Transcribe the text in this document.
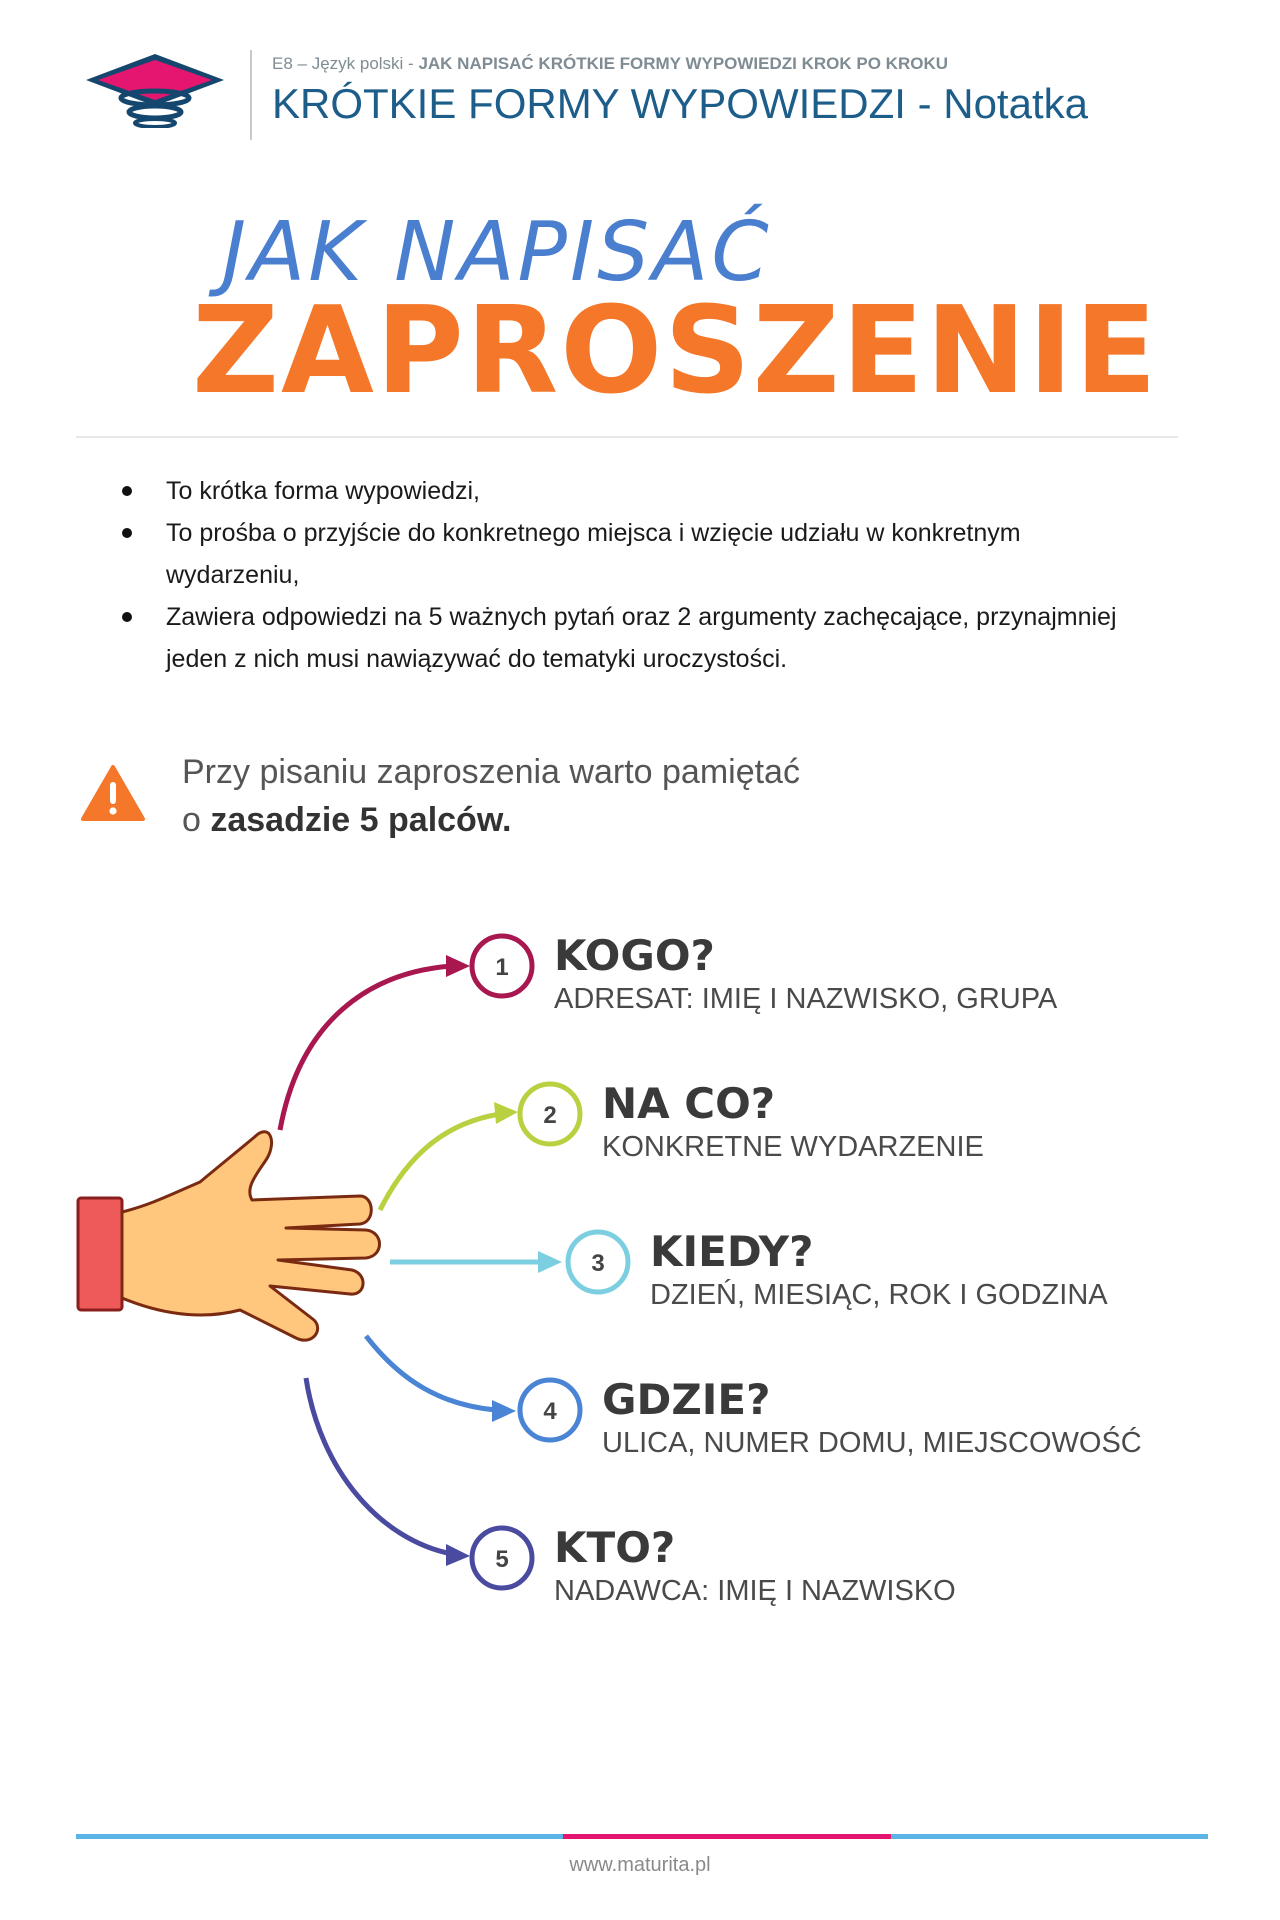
E8 – Język polski - JAK NAPISAĆ KRÓTKIE FORMY WYPOWIEDZI KROK PO KROKU
KRÓTKIE FORMY WYPOWIEDZI - Notatka
JAK NAPISAĆ
ZAPROSZENIE
To krótka forma wypowiedzi,
To prośba o przyjście do konkretnego miejsca i wzięcie udziału w konkretnym wydarzeniu,
Zawiera odpowiedzi na 5 ważnych pytań oraz 2 argumenty zachęcające, przynajmniej jeden z nich musi nawiązywać do tematyki uroczystości.
Przy pisaniu zaproszenia warto pamiętać
o zasadzie 5 palców.
1
2
3
4
5
KOGO?
ADRESAT: IMIĘ I NAZWISKO, GRUPA
NA CO?
KONKRETNE WYDARZENIE
KIEDY?
DZIEŃ, MIESIĄC, ROK I GODZINA
GDZIE?
ULICA, NUMER DOMU, MIEJSCOWOŚĆ
KTO?
NADAWCA: IMIĘ I NAZWISKO
www.maturita.pl
